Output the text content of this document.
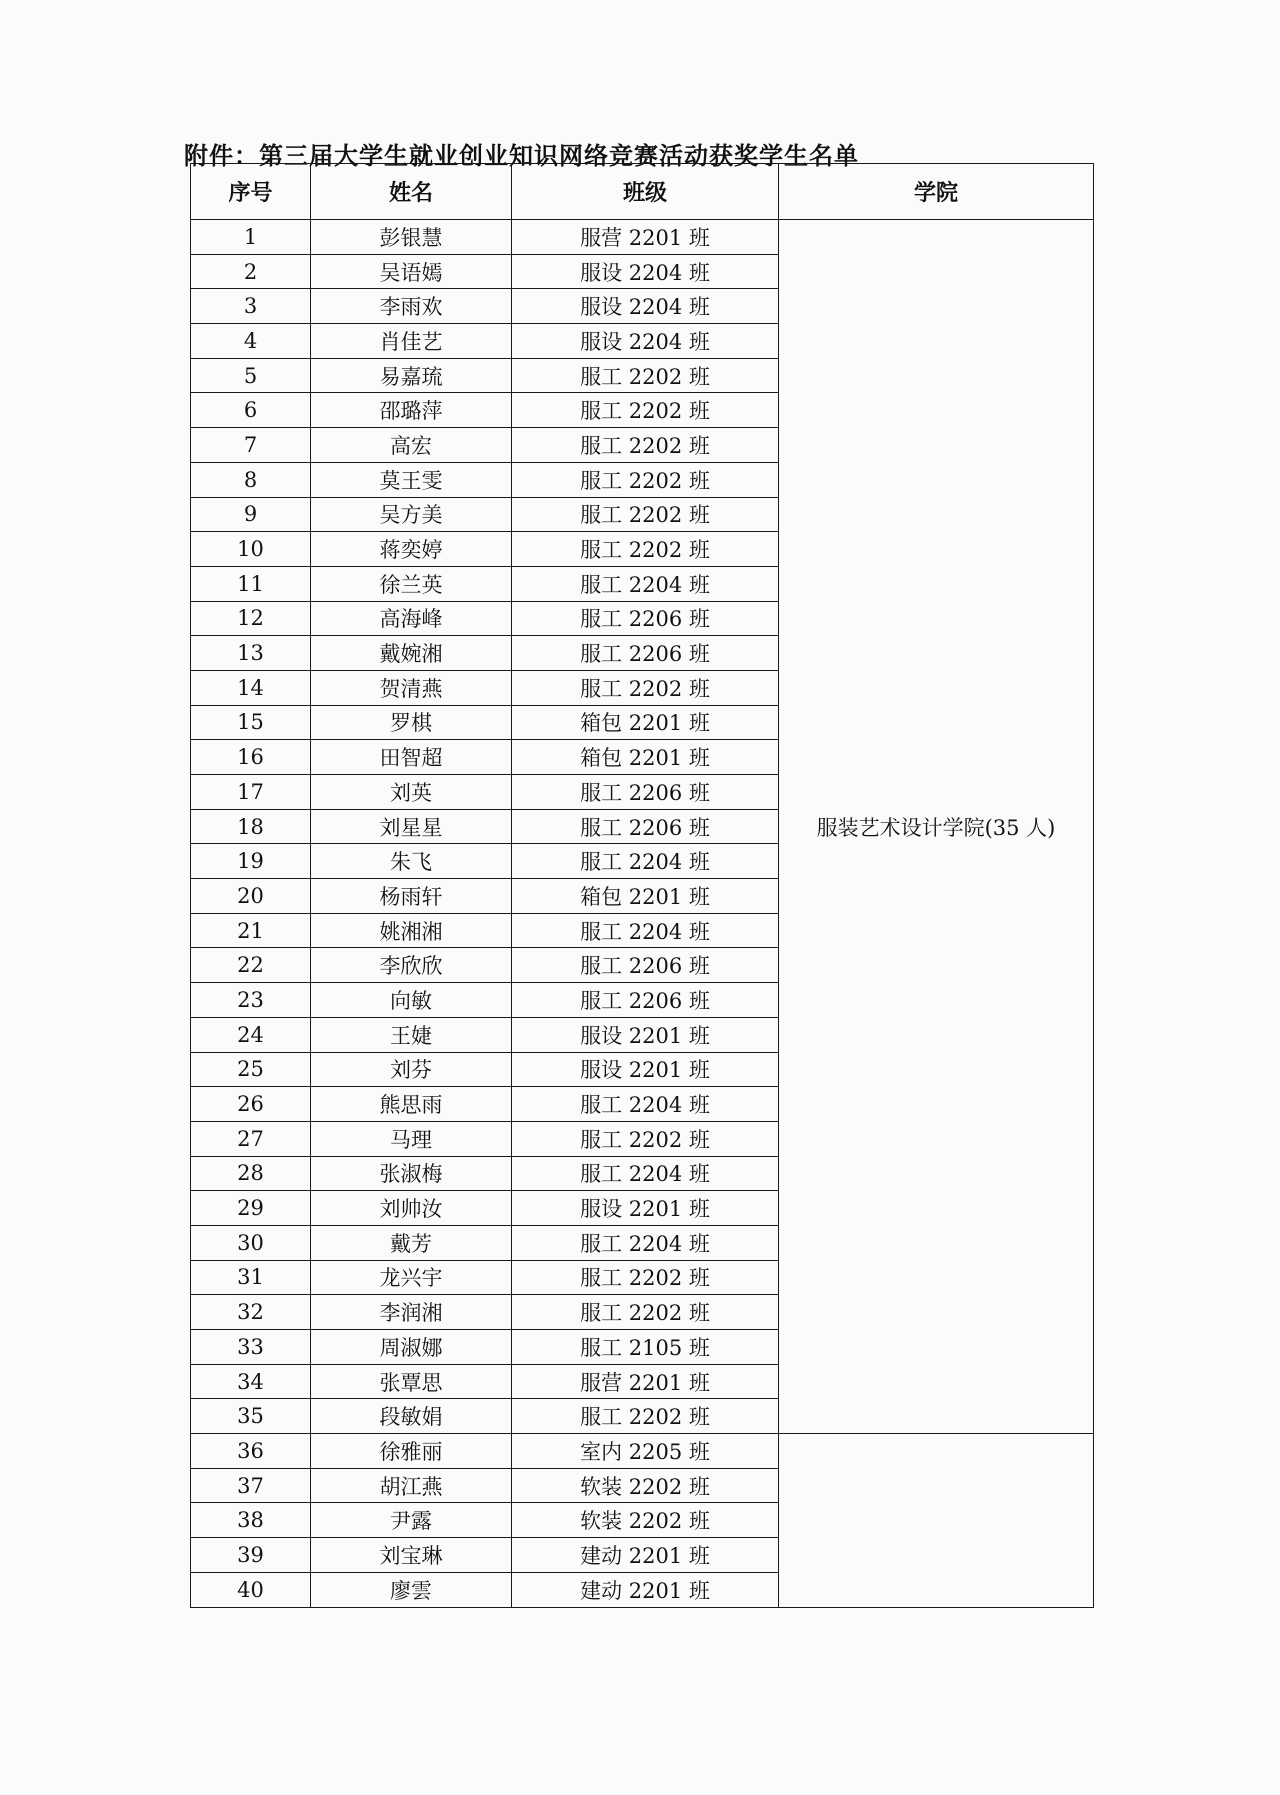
附件：第三届大学生就业创业知识网络竞赛活动获奖学生名单
序号	姓名	班级	学院
1	彭银慧	服营 2201 班	服装艺术设计学院(35 人)
2	吴语嫣	服设 2204 班	
3	李雨欢	服设 2204 班	
4	肖佳艺	服设 2204 班	
5	易嘉琉	服工 2202 班	
6	邵璐萍	服工 2202 班	
7	高宏	服工 2202 班	
8	莫王雯	服工 2202 班	
9	吴方美	服工 2202 班	
10	蒋奕婷	服工 2202 班	
11	徐兰英	服工 2204 班	
12	高海峰	服工 2206 班	
13	戴婉湘	服工 2206 班	
14	贺清燕	服工 2202 班	
15	罗棋	箱包 2201 班	
16	田智超	箱包 2201 班	
17	刘英	服工 2206 班	
18	刘星星	服工 2206 班	
19	朱飞	服工 2204 班	
20	杨雨轩	箱包 2201 班	
21	姚湘湘	服工 2204 班	
22	李欣欣	服工 2206 班	
23	向敏	服工 2206 班	
24	王婕	服设 2201 班	
25	刘芬	服设 2201 班	
26	熊思雨	服工 2204 班	
27	马理	服工 2202 班	
28	张淑梅	服工 2204 班	
29	刘帅汝	服设 2201 班	
30	戴芳	服工 2204 班	
31	龙兴宇	服工 2202 班	
32	李润湘	服工 2202 班	
33	周淑娜	服工 2105 班	
34	张覃思	服营 2201 班	
35	段敏娟	服工 2202 班	
36	徐雅丽	室内 2205 班	
37	胡江燕	软装 2202 班	
38	尹露	软装 2202 班	
39	刘宝琳	建动 2201 班	
40	廖雲	建动 2201 班	
